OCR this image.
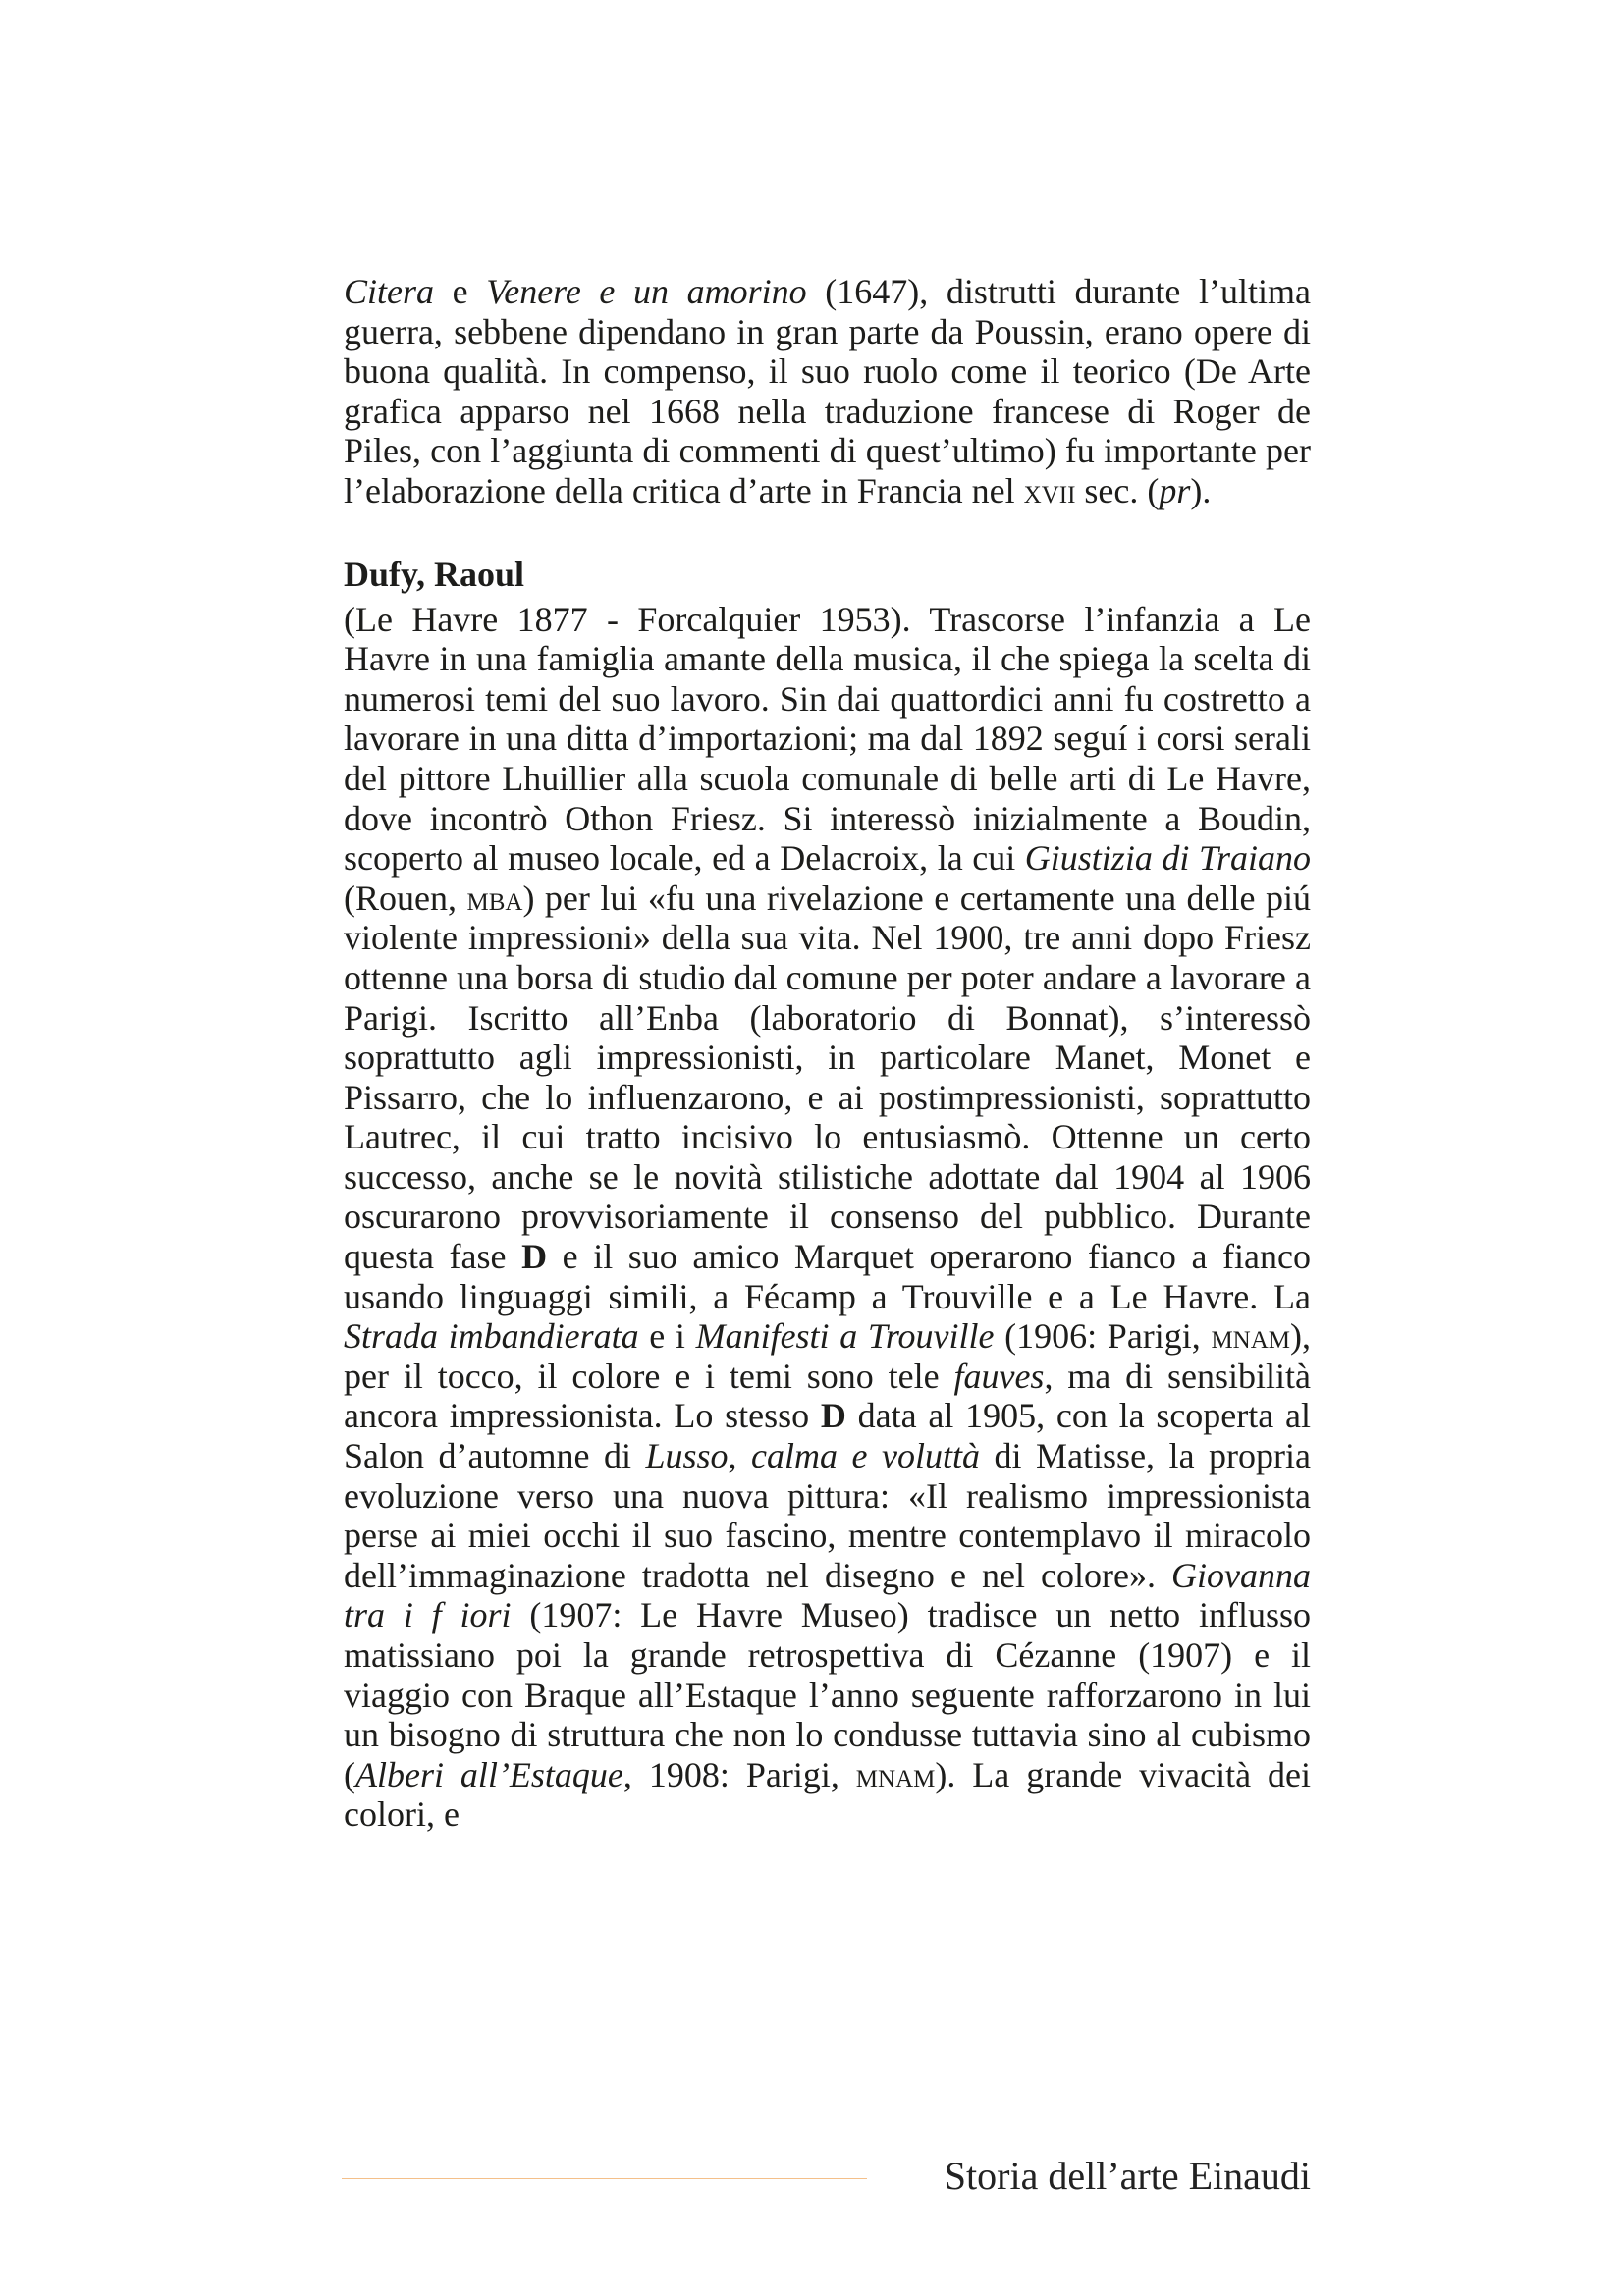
Citera e Venere e un amorino (1647), distrutti durante l’ultima guerra, sebbene dipendano in gran parte da Poussin, erano opere di buona qualità. In compenso, il suo ruolo come il teorico (De Arte grafica apparso nel 1668 nella traduzione francese di Roger de Piles, con l’aggiunta di commenti di quest’ultimo) fu importante per l’elaborazione della critica d’arte in Francia nel xvii sec. (pr).

Dufy, Raoul

(Le Havre 1877 - Forcalquier 1953). Trascorse l’infanzia a Le Havre in una famiglia amante della musica, il che spiega la scelta di numerosi temi del suo lavoro. Sin dai quattordici anni fu costretto a lavorare in una ditta d’importazioni; ma dal 1892 seguí i corsi serali del pittore Lhuillier alla scuola comunale di belle arti di Le Havre, dove incontrò Othon Friesz. Si interessò inizialmente a Boudin, scoperto al museo locale, ed a Delacroix, la cui Giustizia di Traiano (Rouen, mba) per lui «fu una rivelazione e certamente una delle piú violente impressioni» della sua vita. Nel 1900, tre anni dopo Friesz ottenne una borsa di studio dal comune per poter andare a lavorare a Parigi. Iscritto all’Enba (laboratorio di Bonnat), s’interessò soprattutto agli impressionisti, in particolare Manet, Monet e Pissarro, che lo influenzarono, e ai postimpressionisti, soprattutto Lautrec, il cui tratto incisivo lo entusiasmò. Ottenne un certo successo, anche se le novità stilistiche adottate dal 1904 al 1906 oscurarono provvisoriamente il consenso del pubblico. Durante questa fase D e il suo amico Marquet operarono fianco a fianco usando linguaggi simili, a Fécamp a Trouville e a Le Havre. La Strada imbandierata e i Manifesti a Trouville (1906: Parigi, mnam), per il tocco, il colore e i temi sono tele fauves, ma di sensibilità ancora impressionista. Lo stesso D data al 1905, con la scoperta al Salon d’automne di Lusso, calma e voluttà di Matisse, la propria evoluzione verso una nuova pittura: «Il realismo impressionista perse ai miei occhi il suo fascino, mentre contemplavo il miracolo dell’immaginazione tradotta nel disegno e nel colore». Giovanna tra i f iori (1907: Le Havre Museo) tradisce un netto influsso matissiano poi la grande retrospettiva di Cézanne (1907) e il viaggio con Braque all’Estaque l’anno seguente rafforzarono in lui un bisogno di struttura che non lo condusse tuttavia sino al cubismo (Alberi all’Estaque, 1908: Parigi, mnam). La grande vivacità dei colori, e

Storia dell’arte Einaudi
